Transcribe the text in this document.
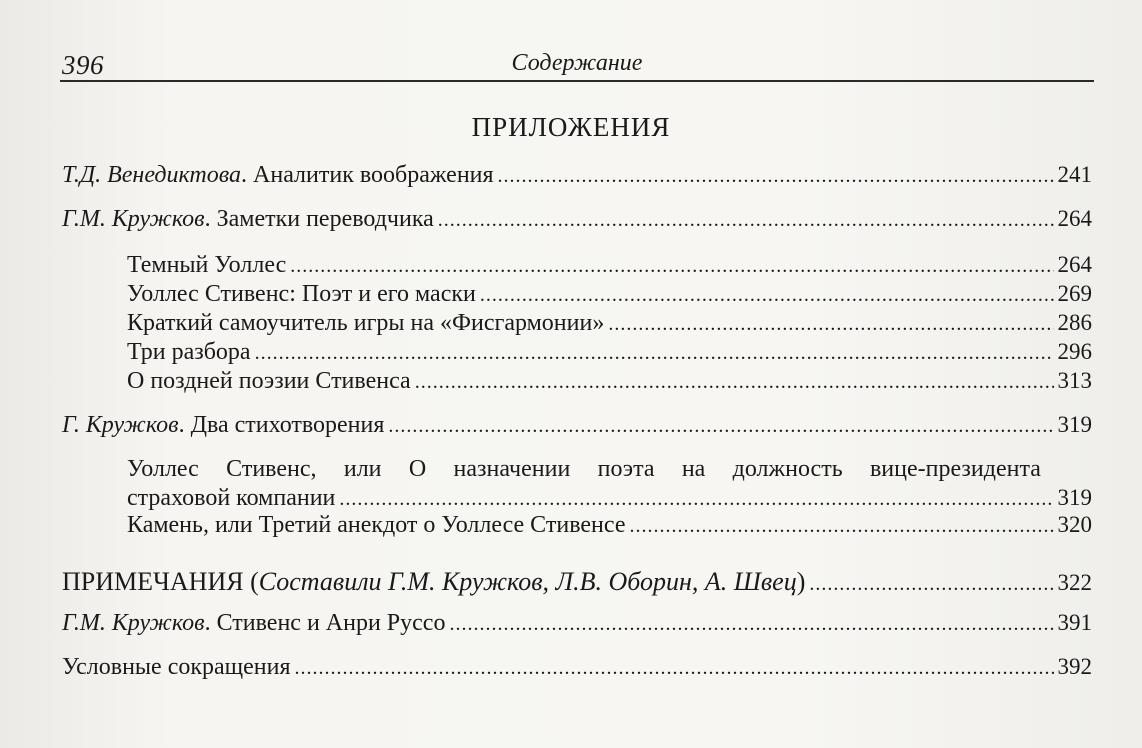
396	Содержание
ПРИЛОЖЕНИЯ
Т.Д. Венедиктова. Аналитик воображения .....	241
Г.М. Кружков. Заметки переводчика .....	264
Темный Уоллес .....	264
Уоллес Стивенс: Поэт и его маски .....	269
Краткий самоучитель игры на «Фисгармонии» .....	286
Три разбора .....	296
О поздней поэзии Стивенса .....	313
Г. Кружков. Два стихотворения .....	319
Уоллес Стивенс, или О назначении поэта на должность вице-президента
страховой компании .....	319
Камень, или Третий анекдот о Уоллесе Стивенсе .....	320
ПРИМЕЧАНИЯ (Составили Г.М. Кружков, Л.В. Оборин, А. Швец) .....	322
Г.М. Кружков. Стивенс и Анри Руссо .....	391
Условные сокращения .....	392
